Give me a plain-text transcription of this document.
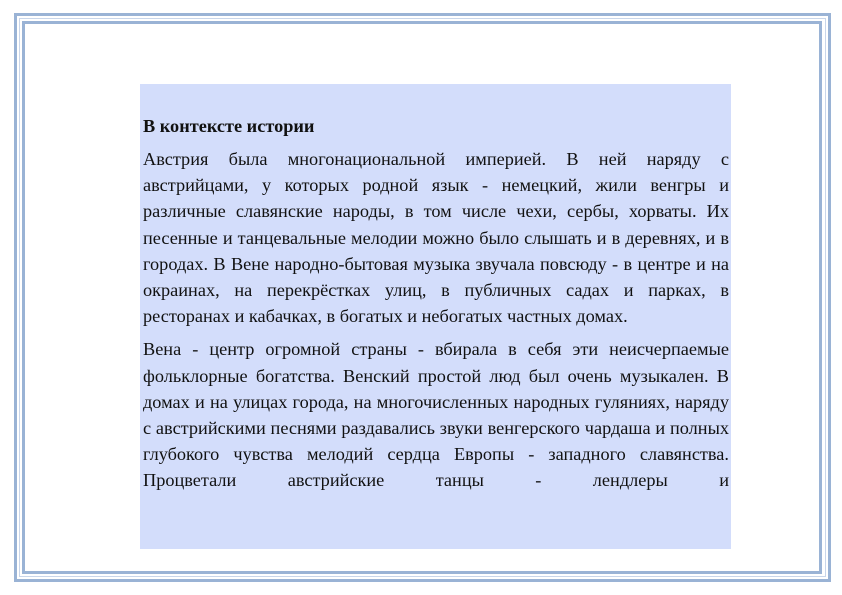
В контексте истории

Австрия была многонациональной империей. В ней наряду с австрийцами, у которых родной язык - немецкий, жили венгры и различные славянские народы, в том числе чехи, сербы, хорваты. Их песенные и танцевальные мелодии можно было слышать и в деревнях, и в городах. В Вене народно-бытовая музыка звучала повсюду - в центре и на окраинах, на перекрёстках улиц, в публичных садах и парках, в ресторанах и кабачках, в богатых и небогатых частных домах.

Вена - центр огромной страны - вбирала в себя эти неисчерпаемые фольклорные богатства. Венский простой люд был очень музыкален. В домах и на улицах города, на многочисленных народных гуляниях, наряду с австрийскими песнями раздавались звуки венгерского чардаша и полных глубокого чувства мелодий сердца Европы - западного славянства. Процветали австрийские танцы - лендлеры и
